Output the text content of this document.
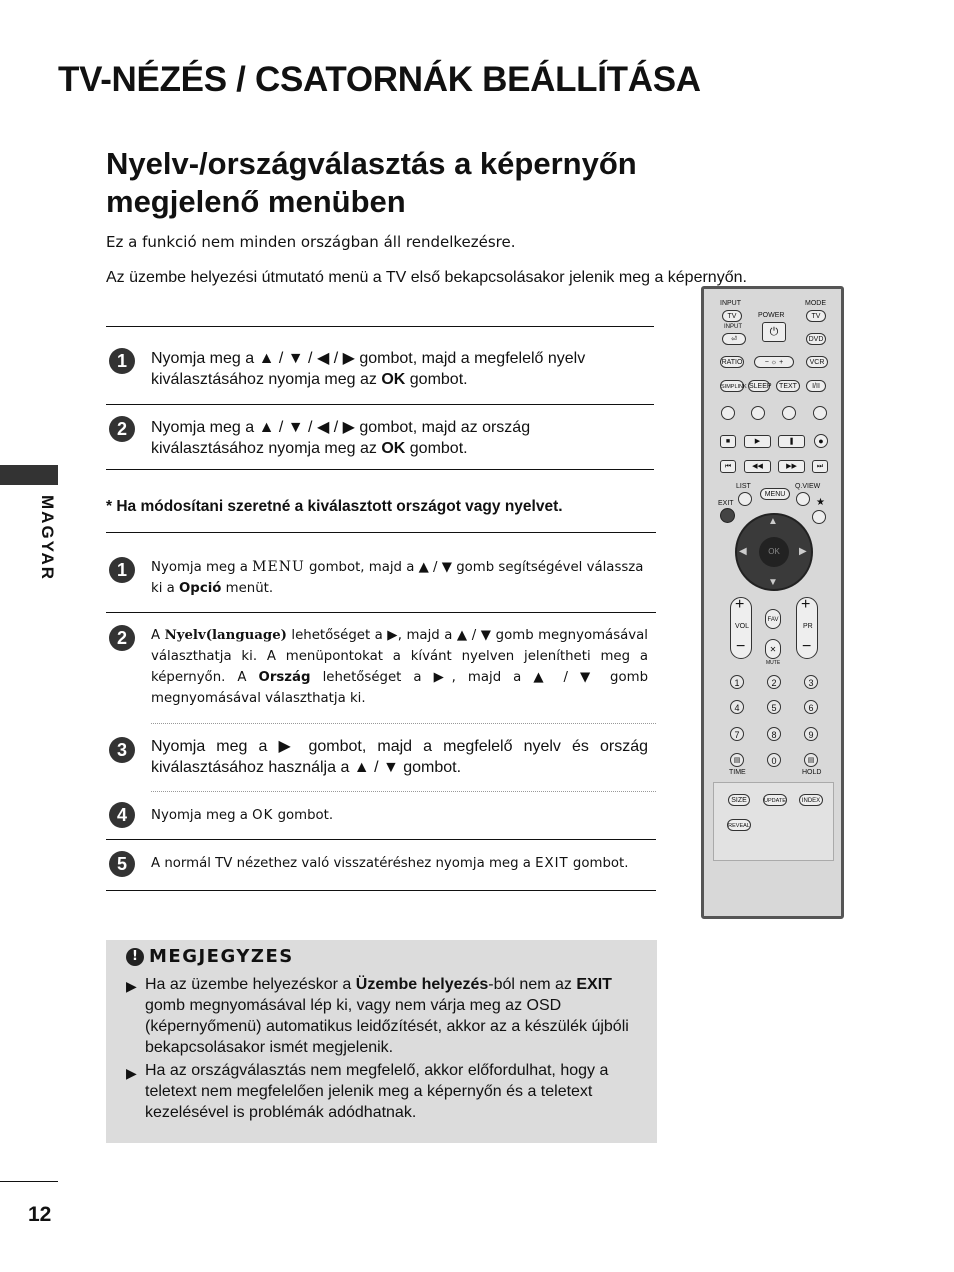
TV-NÉZÉS / CSATORNÁK BEÁLLÍTÁSA
Nyelv-/országválasztás a képernyőn
megjelenő menüben
Ez a funkció nem minden országban áll rendelkezésre.
Az üzembe helyezési útmutató menü a TV első bekapcsolásakor jelenik meg a képernyőn.
1	Nyomja meg a ▲ / ▼ / ◀ / ▶ gombot, majd a megfelelő nyelv
kiválasztásához nyomja meg az OK gombot.
2	Nyomja meg a ▲ / ▼ / ◀ / ▶ gombot, majd az ország
kiválasztásához nyomja meg az OK gombot.
* Ha módosítani szeretné a kiválasztott országot vagy nyelvet.
1	Nyomja meg a MENU gombot, majd a ▲ / ▼ gomb segítségével válassza
ki a Opció menüt.
2	A Nyelv(language) lehetőséget a ▶, majd a ▲ / ▼ gomb megnyomásával választhatja ki. A menüpontokat a kívánt nyelven jelenítheti meg a képernyőn. A Ország lehetőséget a ▶, majd a ▲ / ▼ gomb megnyomásával választhatja ki.
3	Nyomja meg a ▶ gombot, majd a megfelelő nyelv és ország kiválasztásához használja a ▲ / ▼ gombot.
4	Nyomja meg a OK gombot.
5	A normál TV nézethez való visszatéréshez nyomja meg a EXIT gombot.
! MEGJEGYZES
▶ Ha az üzembe helyezéskor a Üzembe helyezés-ból nem az EXIT gomb megnyomásával lép ki, vagy nem várja meg az OSD (képernyőmenü) automatikus leidőzítését, akkor az a készülék újbóli bekapcsolásakor ismét megjelenik.
▶ Ha az országválasztás nem megfelelő, akkor előfordulhat, hogy a teletext nem megfelelően jelenik meg a képernyőn és a teletext kezelésével is problémák adódhatnak.
MAGYAR
12
INPUT	MODE
TV	TV
POWER
⏻
INPUT
⏎	DVD
RATIO	− ☼ +	VCR
SIMPLINK SLEEP	TEXT	I/II
■	▶	❚	●
⏮	◀◀	▶▶	⏭
LIST	Q.VIEW
MENU
EXIT	★
▲
▼
◀	▶
OK
+
VOL
−
+
PR
−
FAV
✕
MUTE
1	2	3
4	5	6
7	8	9
▤	0	▤
TIME	HOLD
SIZE	UPDATE	INDEX
REVEAL
